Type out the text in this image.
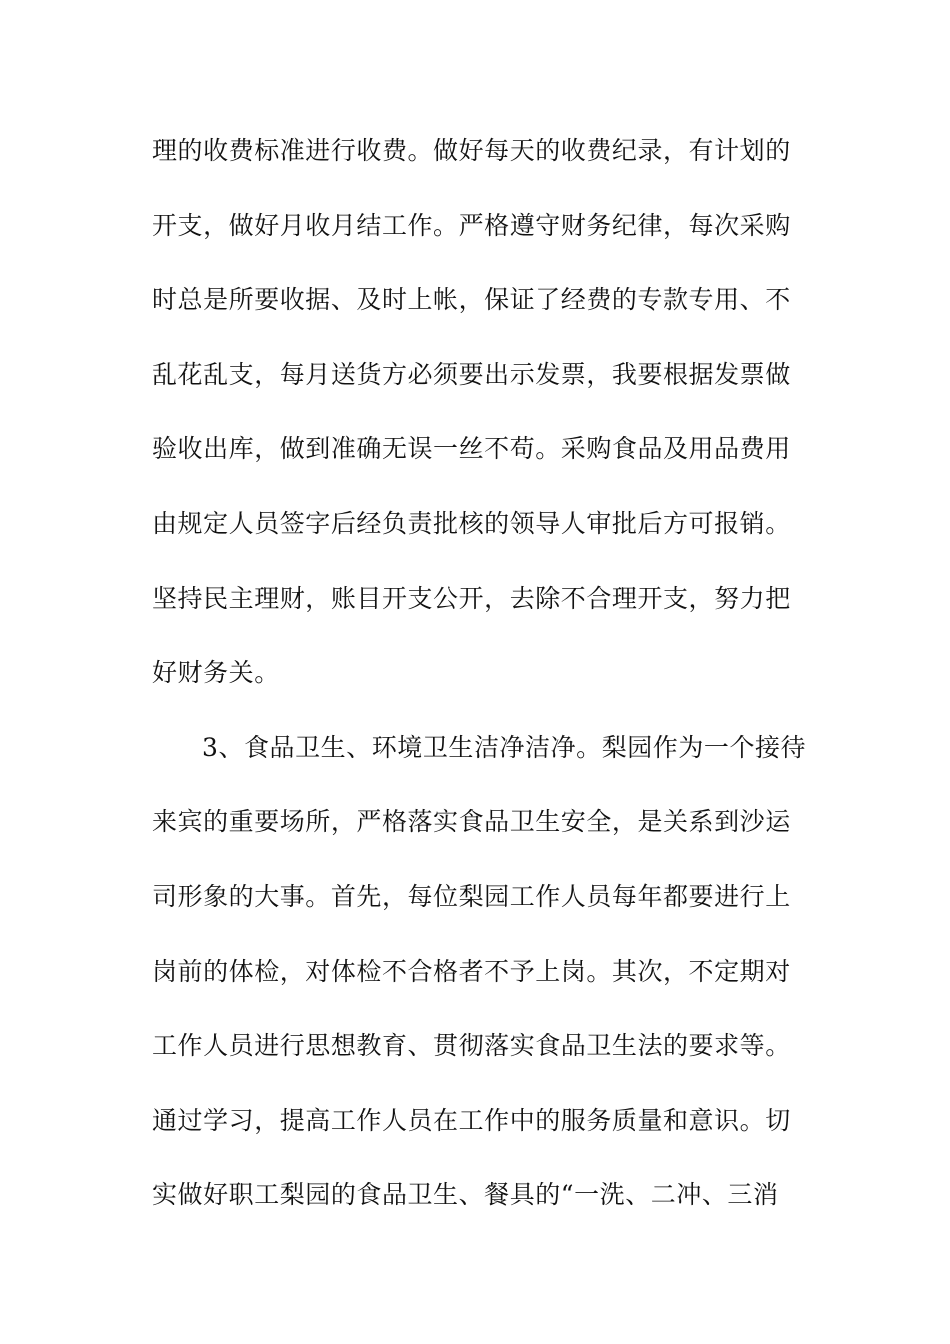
理的收费标准进行收费。做好每天的收费纪录，有计划的
开支，做好月收月结工作。严格遵守财务纪律，每次采购
时总是所要收据、及时上帐，保证了经费的专款专用、不
乱花乱支，每月送货方必须要出示发票，我要根据发票做
验收出库，做到准确无误一丝不苟。采购食品及用品费用
由规定人员签字后经负责批核的领导人审批后方可报销。
坚持民主理财，账目开支公开，去除不合理开支，努力把
好财务关。
3、食品卫生、环境卫生洁净洁净。梨园作为一个接待
来宾的重要场所，严格落实食品卫生安全，是关系到沙运
司形象的大事。首先，每位梨园工作人员每年都要进行上
岗前的体检，对体检不合格者不予上岗。其次，不定期对
工作人员进行思想教育、贯彻落实食品卫生法的要求等。
通过学习，提高工作人员在工作中的服务质量和意识。切
实做好职工梨园的食品卫生、餐具的“一洗、二冲、三消
